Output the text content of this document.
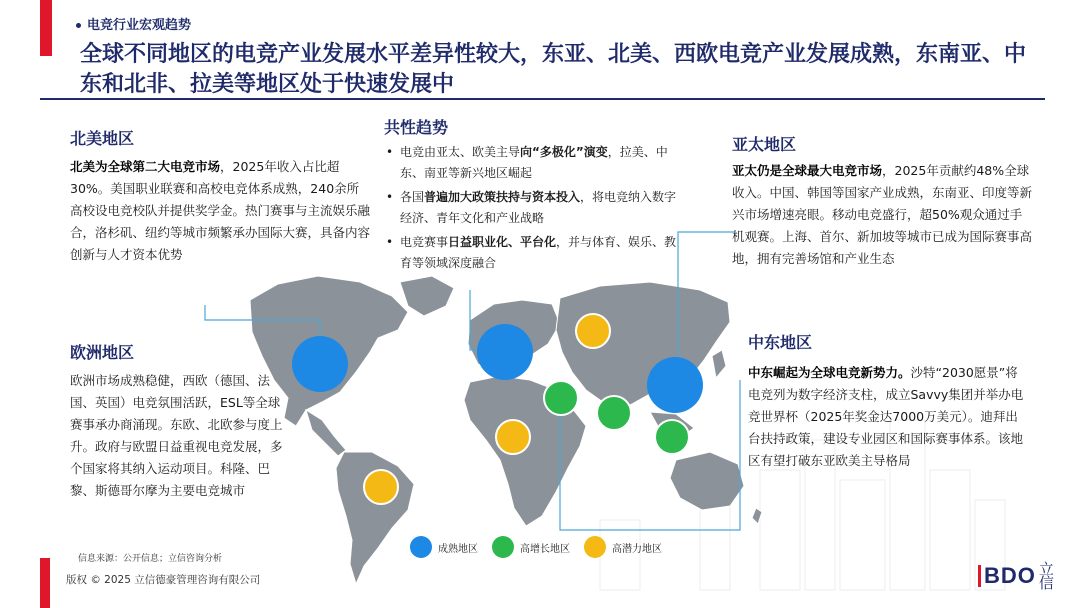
电竞行业宏观趋势
全球不同地区的电竞产业发展水平差异性较大，东亚、北美、西欧电竞产业发展成熟，东南亚、中东和北非、拉美等地区处于快速发展中
北美地区
北美为全球第二大电竞市场，2025年收入占比超30%。美国职业联赛和高校电竞体系成熟，240余所高校设电竞校队并提供奖学金。热门赛事与主流娱乐融合，洛杉矶、纽约等城市频繁承办国际大赛，具备内容创新与人才资本优势
共性趋势
• 电竞由亚太、欧美主导向“多极化”演变，拉美、中东、南亚等新兴地区崛起
• 各国普遍加大政策扶持与资本投入，将电竞纳入数字经济、青年文化和产业战略
• 电竞赛事日益职业化、平台化，并与体育、娱乐、教育等领域深度融合
亚太地区
亚太仍是全球最大电竞市场，2025年贡献约48%全球收入。中国、韩国等国家产业成熟，东南亚、印度等新兴市场增速亮眼。移动电竞盛行，超50%观众通过手机观赛。上海、首尔、新加坡等城市已成为国际赛事高地，拥有完善场馆和产业生态
欧洲地区
欧洲市场成熟稳健，西欧（德国、法国、英国）电竞氛围活跃，ESL等全球赛事承办商涌现。东欧、北欧参与度上升。政府与欧盟日益重视电竞发展，多个国家将其纳入运动项目。科隆、巴黎、斯德哥尔摩为主要电竞城市
中东地区
中东崛起为全球电竞新势力。沙特“2030愿景”将电竞列为数字经济支柱，成立Savvy集团并举办电竞世界杯（2025年奖金达7000万美元）。迪拜出台扶持政策，建设专业园区和国际赛事体系。该地区有望打破东亚欧美主导格局
成熟地区	高增长地区	高潜力地区
信息来源：公开信息；立信咨询分析
版权 © 2025 立信德豪管理咨询有限公司	BDO 立信
